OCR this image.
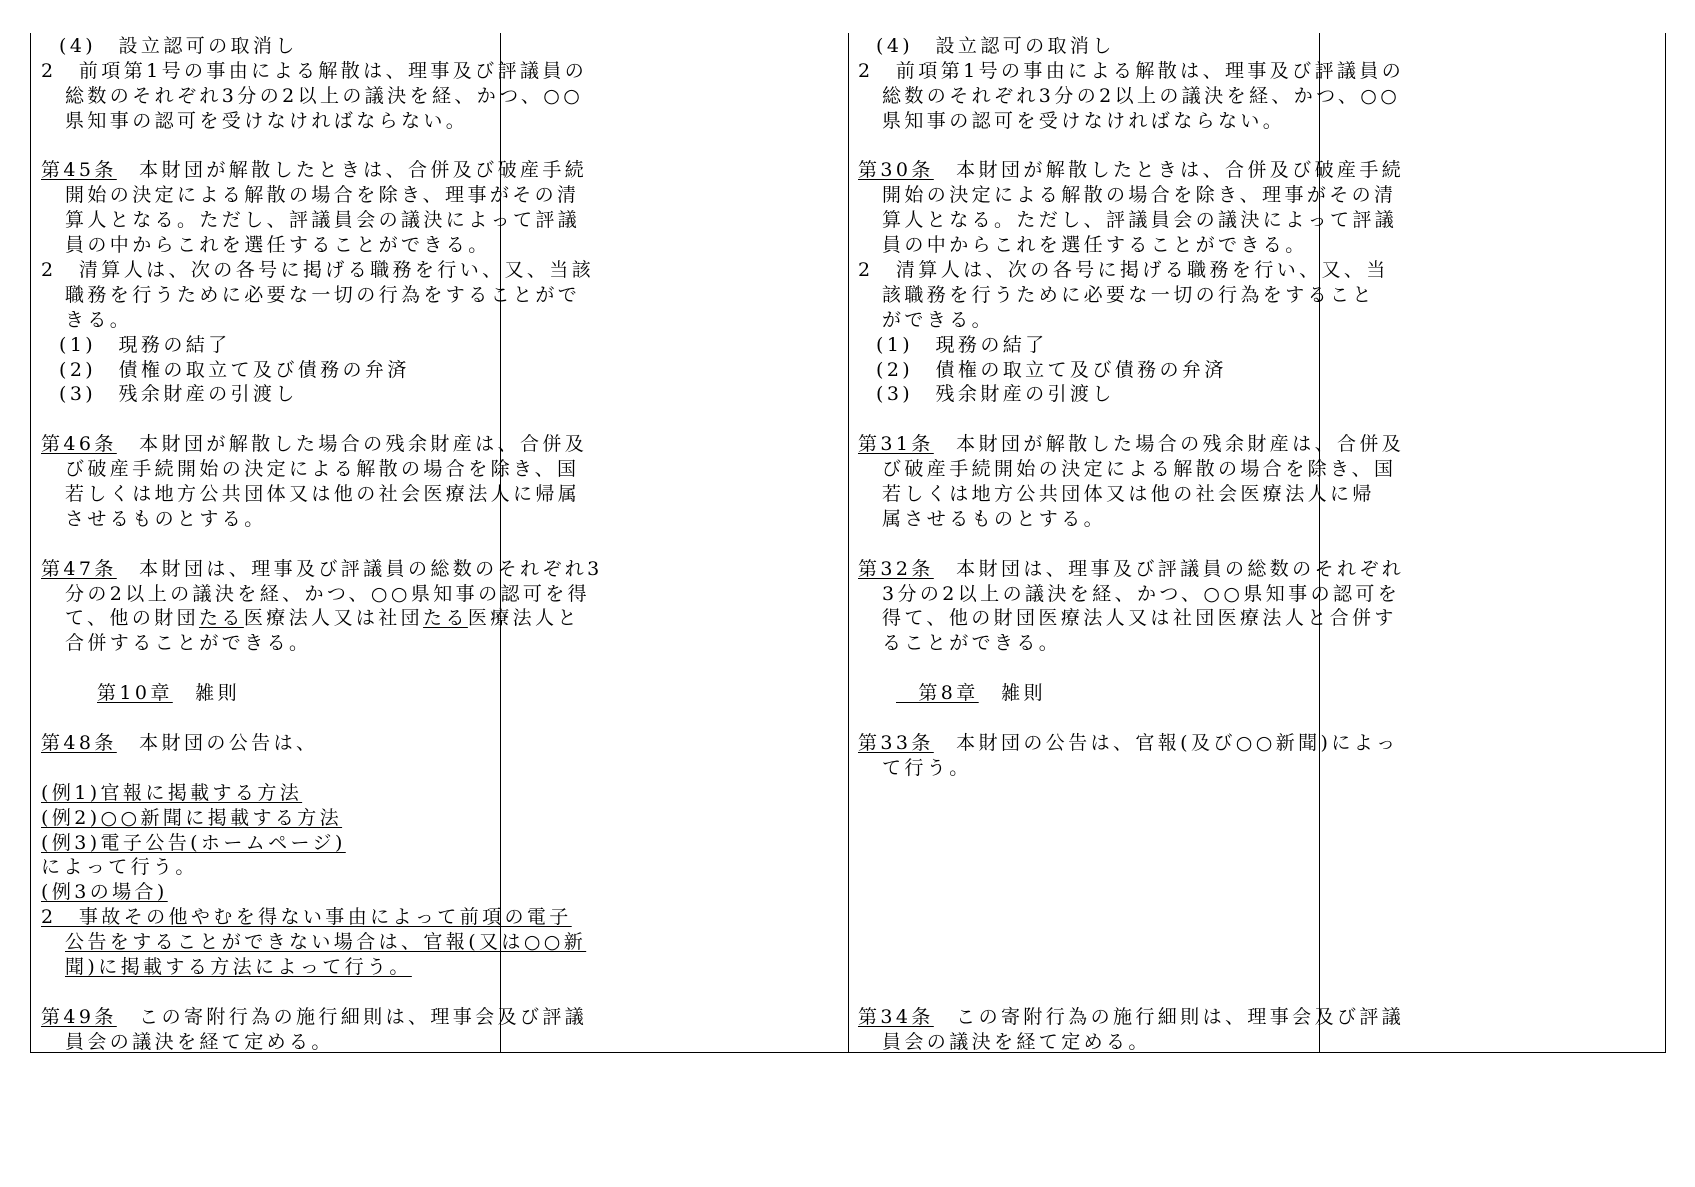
(4)　設立認可の取消し
2　前項第1号の事由による解散は、理事及び評議員の
総数のそれぞれ3分の2以上の議決を経、かつ、○○
県知事の認可を受けなければならない。
第45条　本財団が解散したときは、合併及び破産手続
開始の決定による解散の場合を除き、理事がその清
算人となる。ただし、評議員会の議決によって評議
員の中からこれを選任することができる。
2　清算人は、次の各号に掲げる職務を行い、又、当該
職務を行うために必要な一切の行為をすることがで
きる。
(1)　現務の結了
(2)　債権の取立て及び債務の弁済
(3)　残余財産の引渡し
第46条　本財団が解散した場合の残余財産は、合併及
び破産手続開始の決定による解散の場合を除き、国
若しくは地方公共団体又は他の社会医療法人に帰属
させるものとする。
第47条　本財団は、理事及び評議員の総数のそれぞれ3
分の2以上の議決を経、かつ、○○県知事の認可を得
て、他の財団たる医療法人又は社団たる医療法人と
合併することができる。
第10章　雑則
第48条　本財団の公告は、
(例1)官報に掲載する方法
(例2)○○新聞に掲載する方法
(例3)電子公告(ホームページ)
によって行う。
(例3の場合)
2　事故その他やむを得ない事由によって前項の電子
公告をすることができない場合は、官報(又は○○新
聞)に掲載する方法によって行う。
第49条　この寄附行為の施行細則は、理事会及び評議
員会の議決を経て定める。
(4)　設立認可の取消し
2　前項第1号の事由による解散は、理事及び評議員の
総数のそれぞれ3分の2以上の議決を経、かつ、○○
県知事の認可を受けなければならない。
第30条　本財団が解散したときは、合併及び破産手続
開始の決定による解散の場合を除き、理事がその清
算人となる。ただし、評議員会の議決によって評議
員の中からこれを選任することができる。
2　清算人は、次の各号に掲げる職務を行い、又、当
該職務を行うために必要な一切の行為をすること
ができる。
(1)　現務の結了
(2)　債権の取立て及び債務の弁済
(3)　残余財産の引渡し
第31条　本財団が解散した場合の残余財産は、合併及
び破産手続開始の決定による解散の場合を除き、国
若しくは地方公共団体又は他の社会医療法人に帰
属させるものとする。
第32条　本財団は、理事及び評議員の総数のそれぞれ
3分の2以上の議決を経、かつ、○○県知事の認可を
得て、他の財団医療法人又は社団医療法人と合併す
ることができる。
　第8章　雑則
第33条　本財団の公告は、官報(及び○○新聞)によっ
て行う。
第34条　この寄附行為の施行細則は、理事会及び評議
員会の議決を経て定める。
